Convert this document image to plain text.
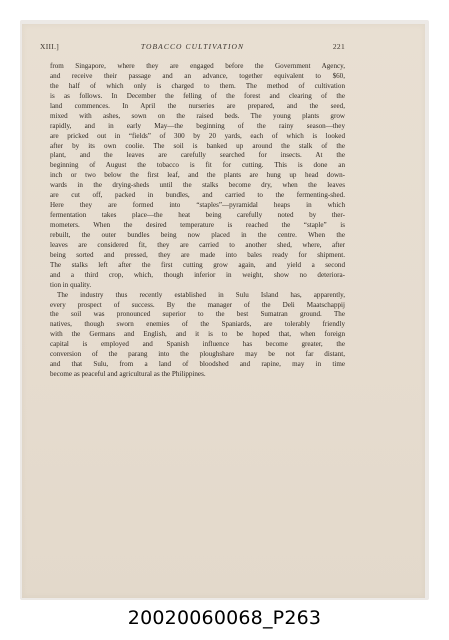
XIII.]	TOBACCO CULTIVATION	221
from Singapore, where they are engaged before the Government Agency,
and receive their passage and an advance, together equivalent to $60,
the half of which only is charged to them. The method of cultivation
is as follows. In December the felling of the forest and clearing of the
land commences. In April the nurseries are prepared, and the seed,
mixed with ashes, sown on the raised beds. The young plants grow
rapidly, and in early May—the beginning of the rainy season—they
are pricked out in “fields” of 300 by 20 yards, each of which is looked
after by its own coolie. The soil is banked up around the stalk of the
plant, and the leaves are carefully searched for insects. At the
beginning of August the tobacco is fit for cutting. This is done an
inch or two below the first leaf, and the plants are hung up head down-
wards in the drying-sheds until the stalks become dry, when the leaves
are cut off, packed in bundles, and carried to the fermenting-shed.
Here they are formed into “staples”—pyramidal heaps in which
fermentation takes place—the heat being carefully noted by ther-
mometers. When the desired temperature is reached the “staple” is
rebuilt, the outer bundles being now placed in the centre. When the
leaves are considered fit, they are carried to another shed, where, after
being sorted and pressed, they are made into bales ready for shipment.
The stalks left after the first cutting grow again, and yield a second
and a third crop, which, though inferior in weight, show no deteriora-
tion in quality.
The industry thus recently established in Sulu Island has, apparently,
every prospect of success. By the manager of the Deli Maatschappij
the soil was pronounced superior to the best Sumatran ground. The
natives, though sworn enemies of the Spaniards, are tolerably friendly
with the Germans and English, and it is to be hoped that, when foreign
capital is employed and Spanish influence has become greater, the
conversion of the parang into the ploughshare may be not far distant,
and that Sulu, from a land of bloodshed and rapine, may in time
become as peaceful and agricultural as the Philippines.
20020060068_P263
